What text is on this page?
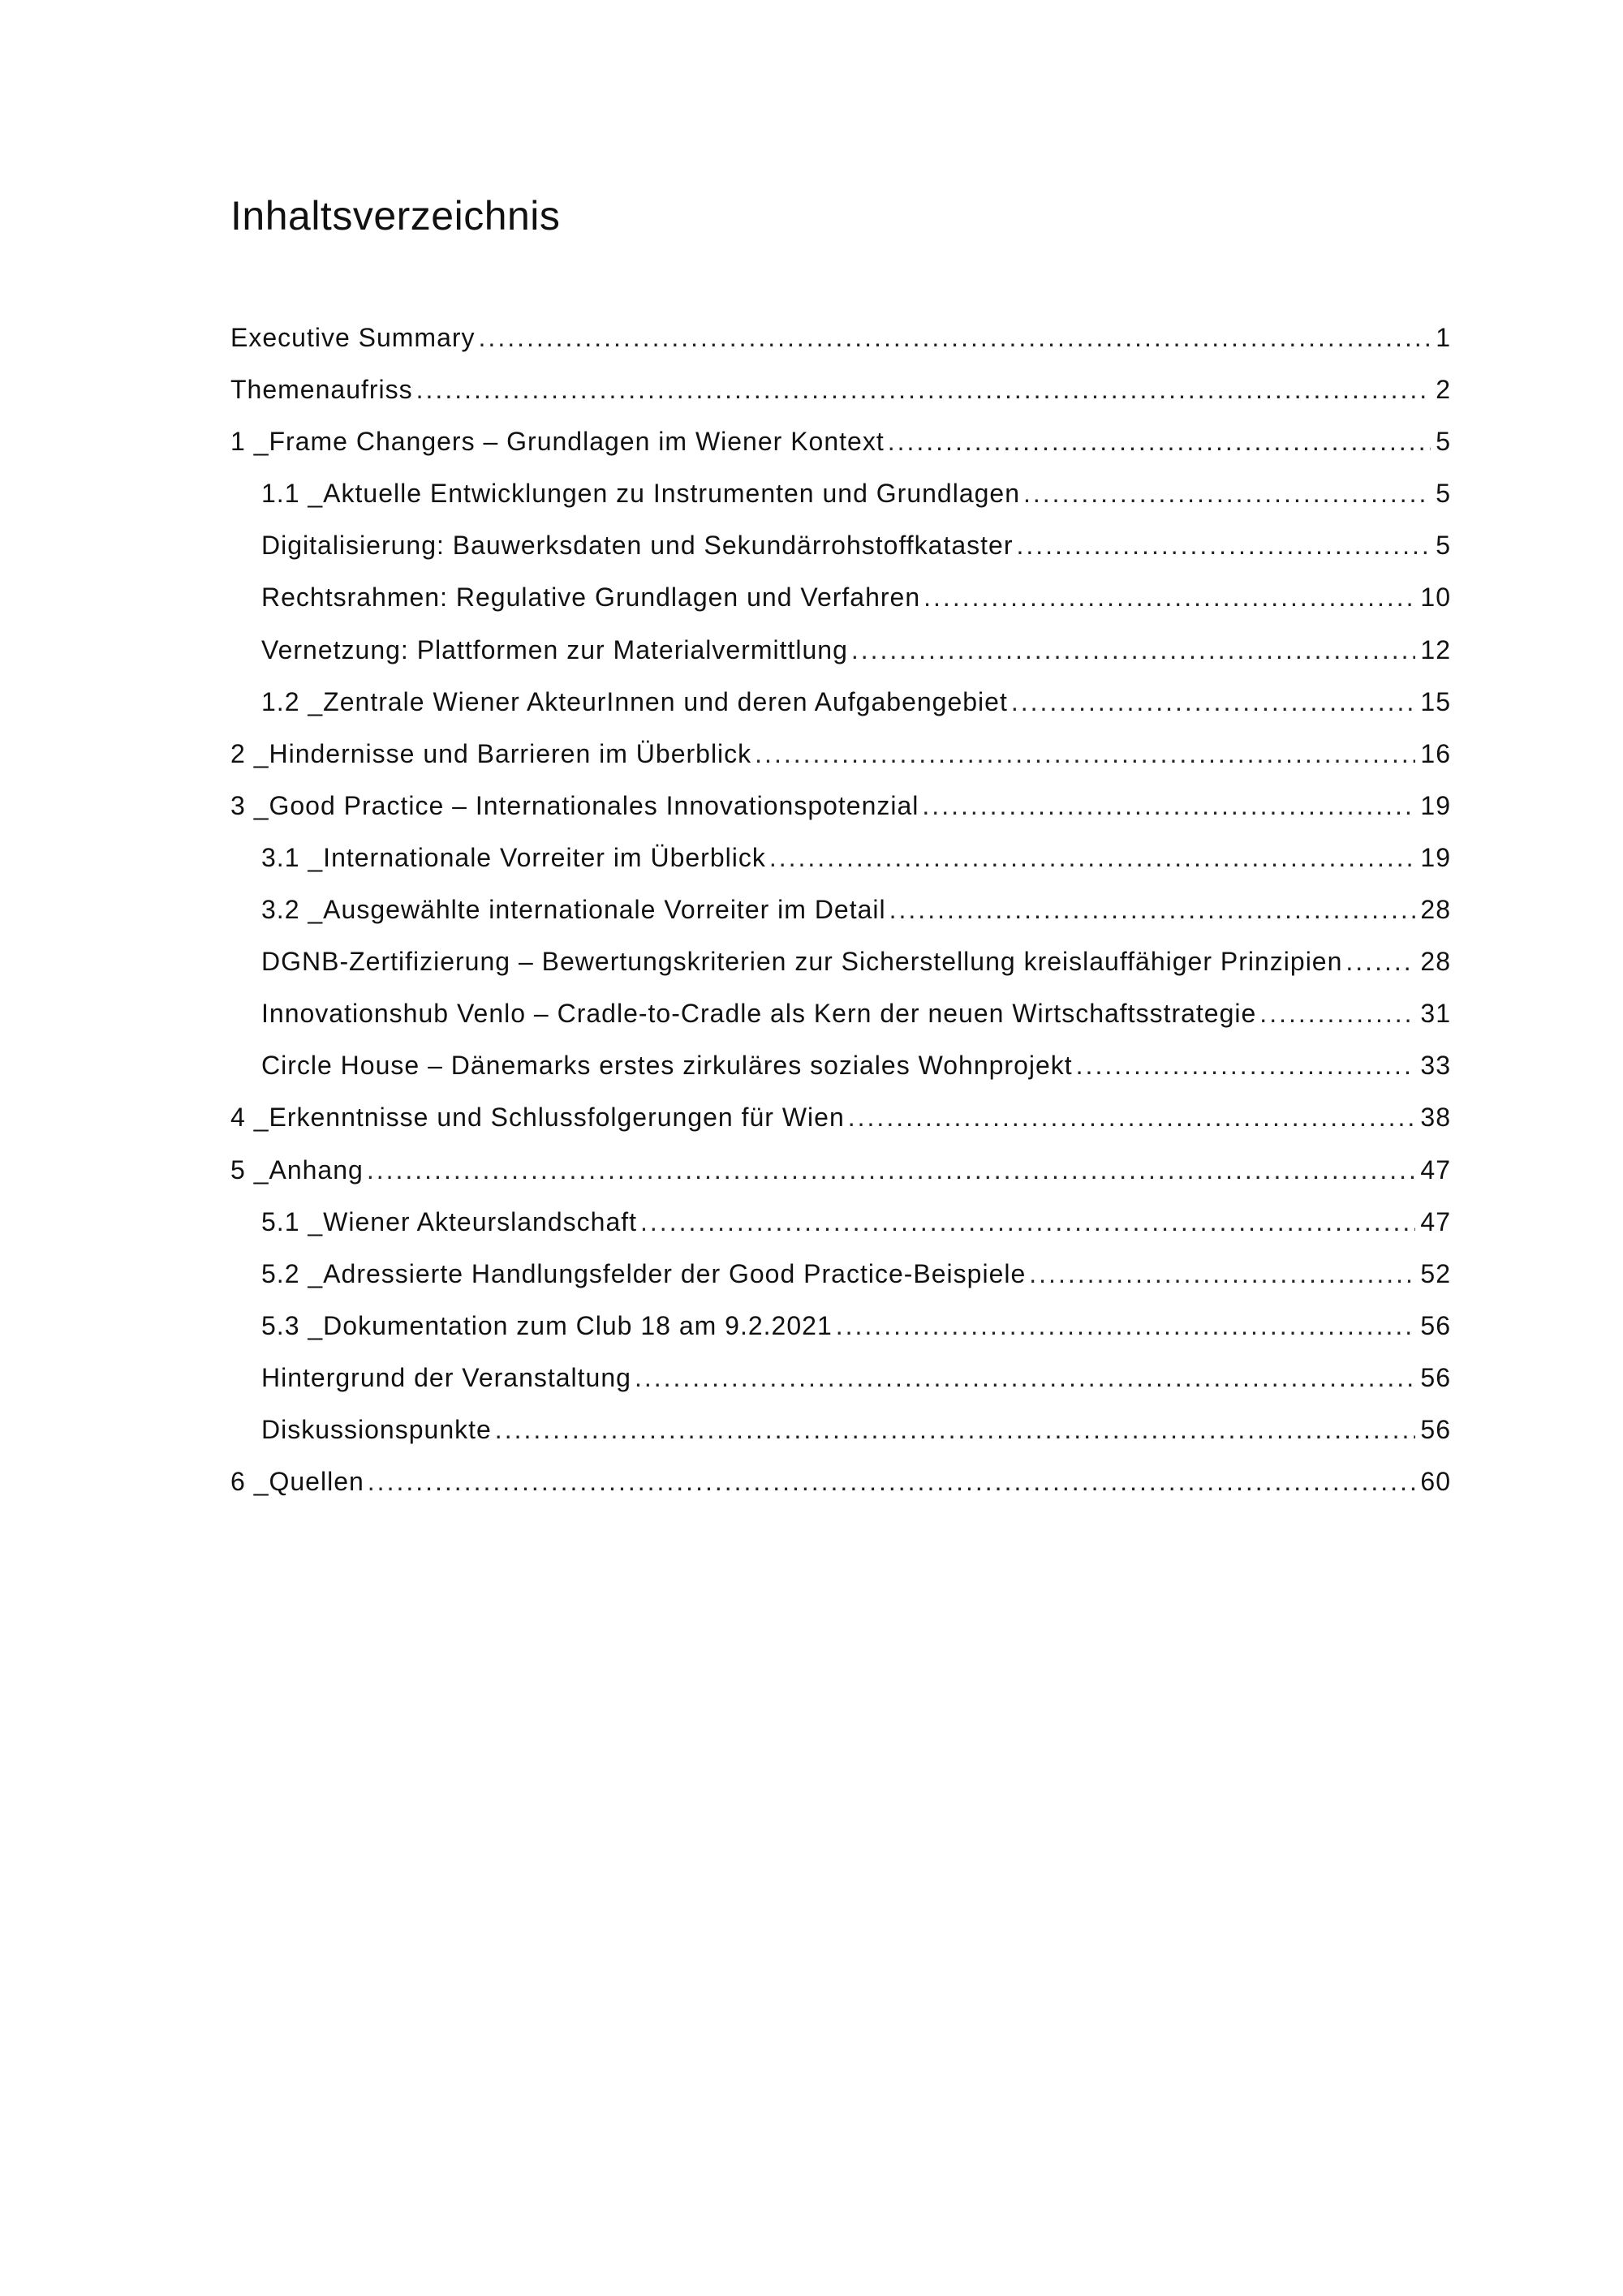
Inhaltsverzeichnis
Executive Summary .....	1
Themenaufriss .....	2
1 _Frame Changers – Grundlagen im Wiener Kontext .....	5
1.1 _Aktuelle Entwicklungen zu Instrumenten und Grundlagen .....	5
Digitalisierung: Bauwerksdaten und Sekundärrohstoffkataster .....	5
Rechtsrahmen: Regulative Grundlagen und Verfahren .....	10
Vernetzung: Plattformen zur Materialvermittlung .....	12
1.2 _Zentrale Wiener AkteurInnen und deren Aufgabengebiet .....	15
2 _Hindernisse und Barrieren im Überblick .....	16
3 _Good Practice – Internationales Innovationspotenzial .....	19
3.1 _Internationale Vorreiter im Überblick .....	19
3.2 _Ausgewählte internationale Vorreiter im Detail .....	28
DGNB-Zertifizierung – Bewertungskriterien zur Sicherstellung kreislauffähiger Prinzipien .....	28
Innovationshub Venlo – Cradle-to-Cradle als Kern der neuen Wirtschaftsstrategie .....	31
Circle House – Dänemarks erstes zirkuläres soziales Wohnprojekt .....	33
4 _Erkenntnisse und Schlussfolgerungen für Wien .....	38
5 _Anhang .....	47
5.1 _Wiener Akteurslandschaft .....	47
5.2 _Adressierte Handlungsfelder der Good Practice-Beispiele .....	52
5.3 _Dokumentation zum Club 18 am 9.2.2021 .....	56
Hintergrund der Veranstaltung .....	56
Diskussionspunkte .....	56
6 _Quellen .....	60
